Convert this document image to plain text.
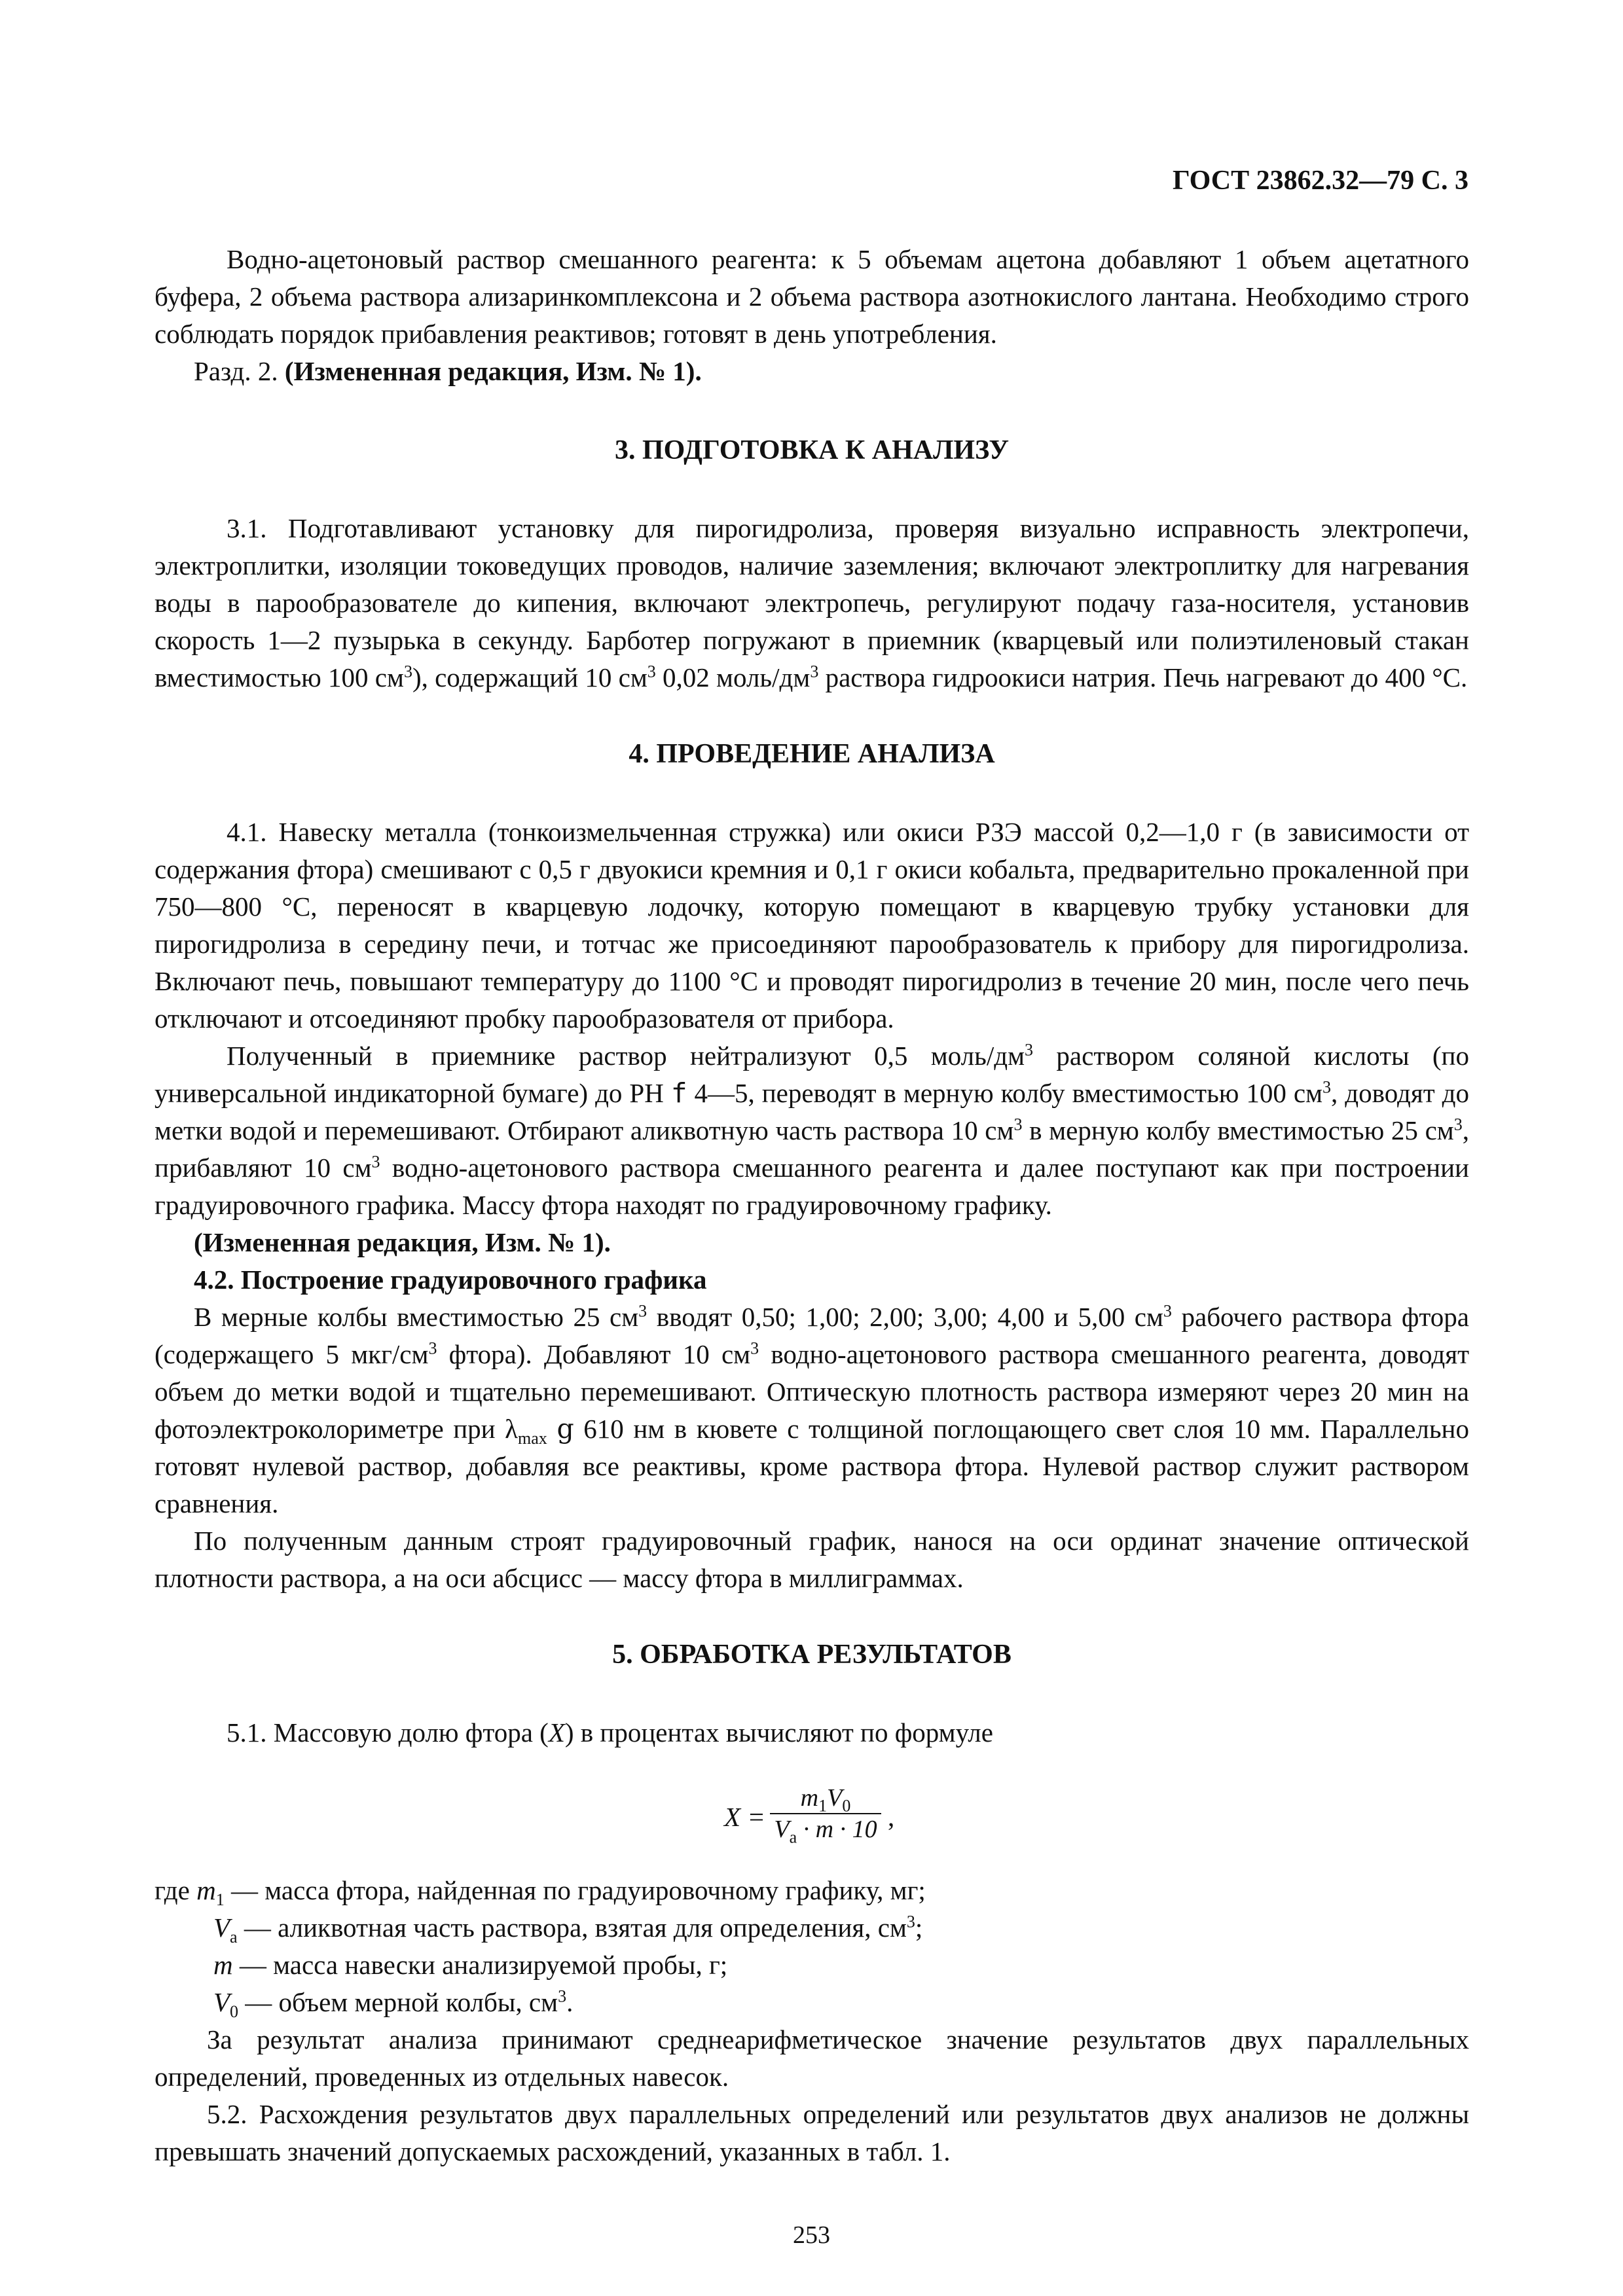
ГОСТ 23862.32—79 С. 3

Водно-ацетоновый раствор смешанного реагента: к 5 объемам ацетона добавляют 1 объем ацетатного буфера, 2 объема раствора ализаринкомплексона и 2 объема раствора азотнокислого лантана. Необходимо строго соблюдать порядок прибавления реактивов; готовят в день употребления.

Разд. 2. (Измененная редакция, Изм. № 1).

3. ПОДГОТОВКА К АНАЛИЗУ

3.1. Подготавливают установку для пирогидролиза, проверяя визуально исправность электропечи, электроплитки, изоляции токоведущих проводов, наличие заземления; включают электроплитку для нагревания воды в парообразователе до кипения, включают электропечь, регулируют подачу газа-носителя, установив скорость 1—2 пузырька в секунду. Барботер погружают в приемник (кварцевый или полиэтиленовый стакан вместимостью 100 $см^3$), содержащий 10 $см^3$ 0,02 моль/$дм^3$ раствора гидроокиси натрия. Печь нагревают до 400 °С.

4. ПРОВЕДЕНИЕ АНАЛИЗА

4.1. Навеску металла (тонкоизмельченная стружка) или окиси РЗЭ массой 0,2—1,0 г (в зависимости от содержания фтора) смешивают с 0,5 г двуокиси кремния и 0,1 г окиси кобальта, предварительно прокаленной при 750—800 °С, переносят в кварцевую лодочку, которую помещают в кварцевую трубку установки для пирогидролиза в середину печи, и тотчас же присоединяют парообразователь к прибору для пирогидролиза. Включают печь, повышают температуру до 1100 °С и проводят пирогидролиз в течение 20 мин, после чего печь отключают и отсоединяют пробку парообразователя от прибора.

Полученный в приемнике раствор нейтрализуют 0,5 моль/$дм^3$ раствором соляной кислоты (по универсальной индикаторной бумаге) до РН f 4—5, переводят в мерную колбу вместимостью 100 $см^3$, доводят до метки водой и перемешивают. Отбирают аликвотную часть раствора 10 $см^3$ в мерную колбу вместимостью 25 $см^3$, прибавляют 10 $см^3$ водно-ацетонового раствора смешанного реагента и далее поступают как при построении градуировочного графика. Массу фтора находят по градуировочному графику.

(Измененная редакция, Изм. № 1).

4.2. Построение градуировочного графика

В мерные колбы вместимостью 25 $см^3$ вводят 0,50; 1,00; 2,00; 3,00; 4,00 и 5,00 $см^3$ рабочего раствора фтора (содержащего 5 мкг/$см^3$ фтора). Добавляют 10 $см^3$ водно-ацетонового раствора смешанного реагента, доводят объем до метки водой и тщательно перемешивают. Оптическую плотность раствора измеряют через 20 мин на фотоэлектроколориметре при $\lambda_{max}$ ց 610 нм в кювете с толщиной поглощающего свет слоя 10 мм. Параллельно готовят нулевой раствор, добавляя все реактивы, кроме раствора фтора. Нулевой раствор служит раствором сравнения.

По полученным данным строят градуировочный график, нанося на оси ординат значение оптической плотности раствора, а на оси абсцисс — массу фтора в миллиграммах.

5. ОБРАБОТКА РЕЗУЛЬТАТОВ

5.1. Массовую долю фтора (X) в процентах вычисляют по формуле

X =
$m_1V_0$
$V_а \cdot m \cdot 10$ ,

где $m_1$ — масса фтора, найденная по градуировочному графику, мг;

$V_а$ — аликвотная часть раствора, взятая для определения, $см^3$;

m — масса навески анализируемой пробы, г;

$V_0$ — объем мерной колбы, $см^3$.

За результат анализа принимают среднеарифметическое значение результатов двух параллельных определений, проведенных из отдельных навесок.

5.2. Расхождения результатов двух параллельных определений или результатов двух анализов не должны превышать значений допускаемых расхождений, указанных в табл. 1.

253
